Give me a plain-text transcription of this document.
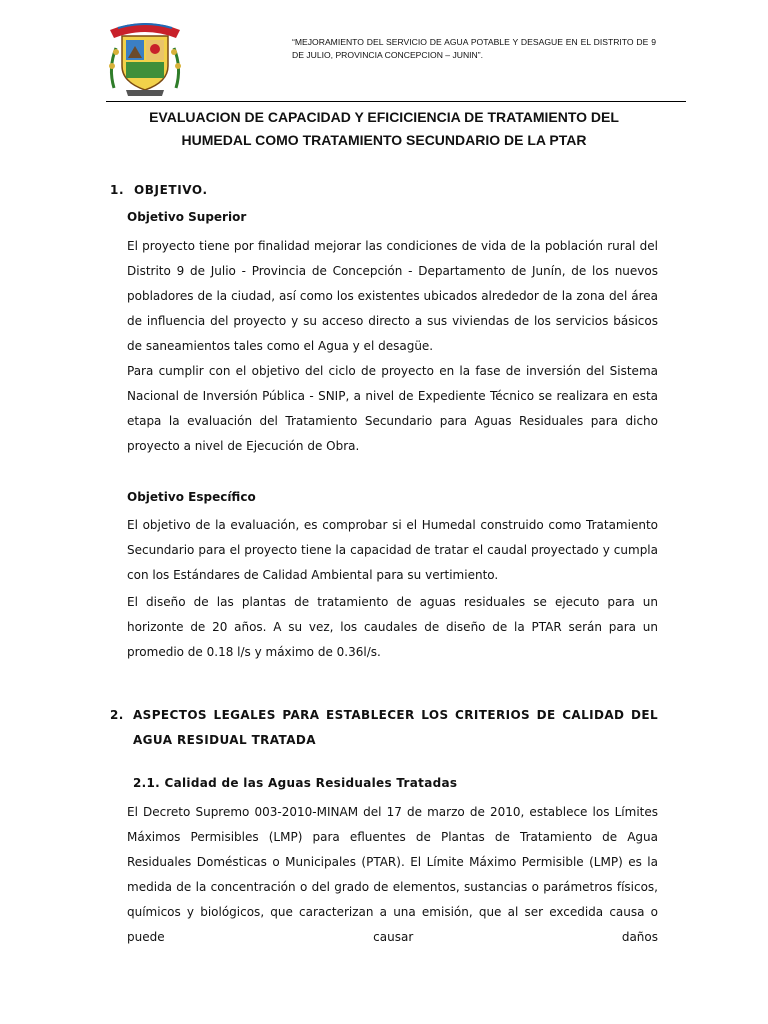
“MEJORAMIENTO DEL SERVICIO DE AGUA POTABLE Y DESAGUE EN EL DISTRITO DE 9 DE JULIO, PROVINCIA CONCEPCION – JUNIN”.
EVALUACION DE CAPACIDAD Y EFICICIENCIA DE TRATAMIENTO DEL
HUMEDAL COMO TRATAMIENTO SECUNDARIO DE LA PTAR
1. OBJETIVO.
Objetivo Superior
El proyecto tiene por finalidad mejorar las condiciones de vida de la población rural del Distrito 9 de Julio - Provincia de Concepción - Departamento de Junín, de los nuevos pobladores de la ciudad, así como los existentes ubicados alrededor de la zona del área de influencia del proyecto y su acceso directo a sus viviendas de los servicios básicos de saneamientos tales como el Agua y el desagüe.
Para cumplir con el objetivo del ciclo de proyecto en la fase de inversión del Sistema Nacional de Inversión Pública - SNIP, a nivel de Expediente Técnico se realizara en esta etapa la evaluación del Tratamiento Secundario para Aguas Residuales para dicho proyecto a nivel de Ejecución de Obra.
Objetivo Específico
El objetivo de la evaluación, es comprobar si el Humedal construido como Tratamiento Secundario para el proyecto tiene la capacidad de tratar el caudal proyectado y cumpla con los Estándares de Calidad Ambiental para su vertimiento.
El diseño de las plantas de tratamiento de aguas residuales se ejecuto para un horizonte de 20 años. A su vez, los caudales de diseño de la PTAR serán para un promedio de 0.18 l/s y máximo de 0.36l/s.
2. ASPECTOS LEGALES PARA ESTABLECER LOS CRITERIOS DE CALIDAD DEL AGUA RESIDUAL TRATADA
2.1. Calidad de las Aguas Residuales Tratadas
El Decreto Supremo 003-2010-MINAM del 17 de marzo de 2010, establece los Límites Máximos Permisibles (LMP) para efluentes de Plantas de Tratamiento de Agua Residuales Domésticas o Municipales (PTAR). El Límite Máximo Permisible (LMP) es la medida de la concentración o del grado de elementos, sustancias o parámetros físicos, químicos y biológicos, que caracterizan a una emisión, que al ser excedida causa o puede causar daños
